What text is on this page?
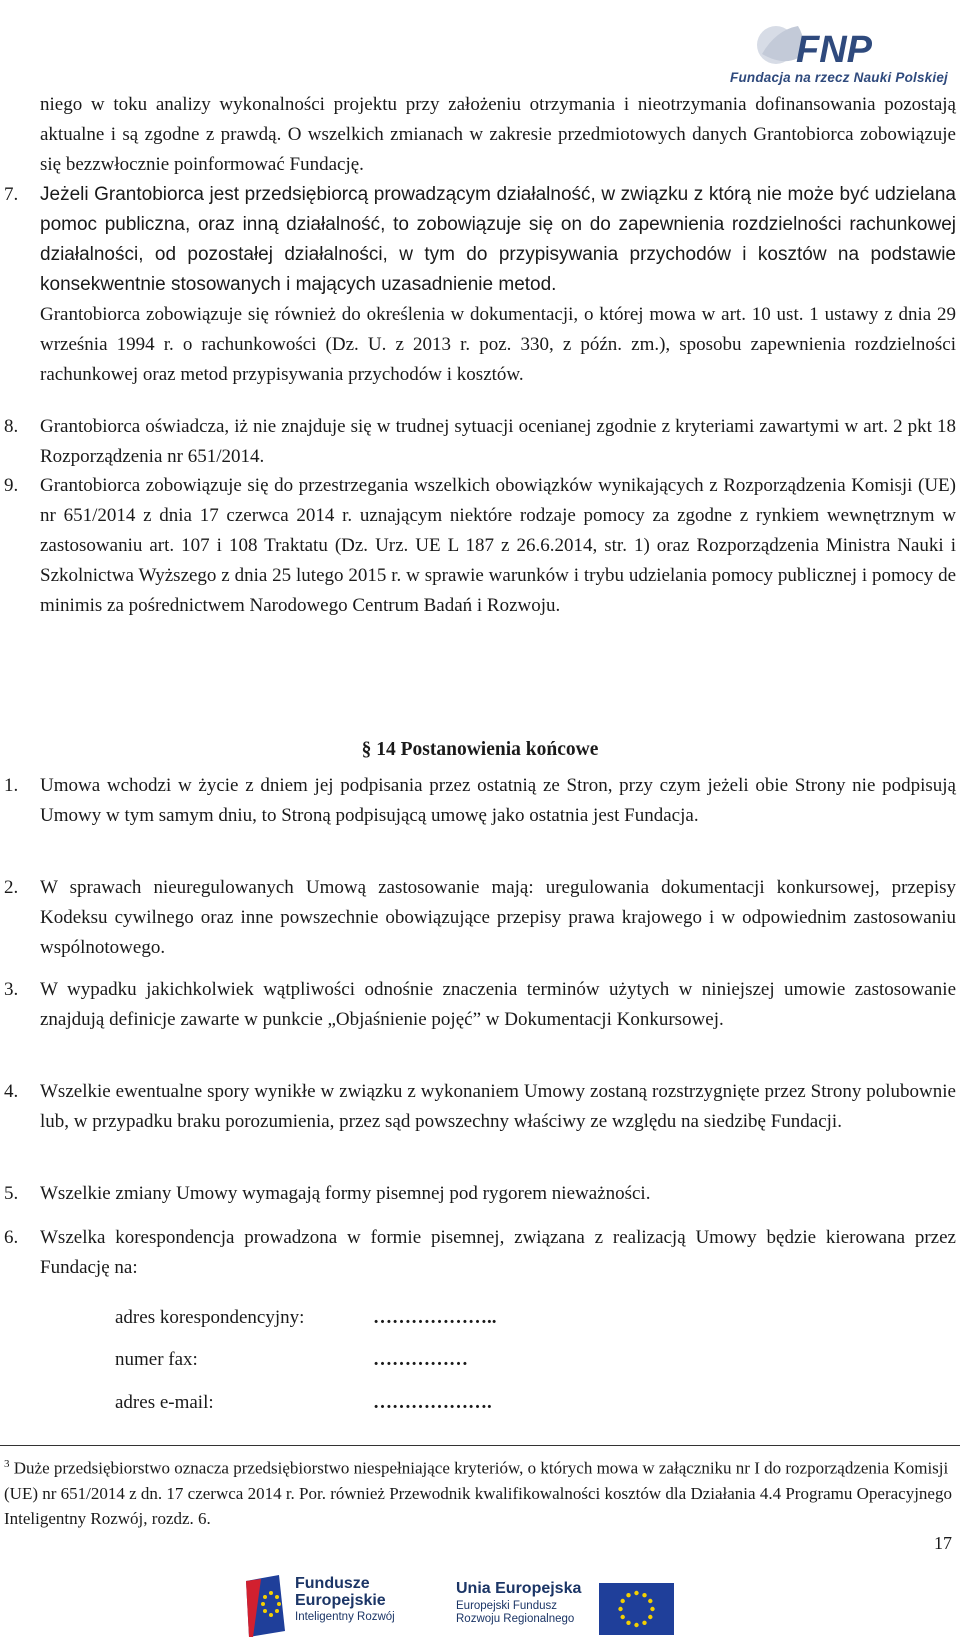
FNP
Fundacja na rzecz Nauki Polskiej

niego w toku analizy wykonalności projektu przy założeniu otrzymania i nieotrzymania dofinansowania pozostają aktualne i są zgodne z prawdą. O wszelkich zmianach w zakresie przedmiotowych danych Grantobiorca zobowiązuje się bezzwłocznie poinformować Fundację.

7. Jeżeli Grantobiorca jest przedsiębiorcą prowadzącym działalność, w związku z którą nie może być udzielana pomoc publiczna, oraz inną działalność, to zobowiązuje się on do zapewnienia rozdzielności rachunkowej działalności, od pozostałej działalności, w tym do przypisywania przychodów i kosztów na podstawie konsekwentnie stosowanych i mających uzasadnienie metod.

Grantobiorca zobowiązuje się również do określenia w dokumentacji, o której mowa w art. 10 ust. 1 ustawy z dnia 29 września 1994 r. o rachunkowości (Dz. U. z 2013 r. poz. 330, z późn. zm.), sposobu zapewnienia rozdzielności rachunkowej oraz metod przypisywania przychodów i kosztów.

8. Grantobiorca oświadcza, iż nie znajduje się w trudnej sytuacji ocenianej zgodnie z kryteriami zawartymi w art. 2 pkt 18 Rozporządzenia nr 651/2014.

9. Grantobiorca zobowiązuje się do przestrzegania wszelkich obowiązków wynikających z Rozporządzenia Komisji (UE) nr 651/2014 z dnia 17 czerwca 2014 r. uznającym niektóre rodzaje pomocy za zgodne z rynkiem wewnętrznym w zastosowaniu art. 107 i 108 Traktatu (Dz. Urz. UE L 187 z 26.6.2014, str. 1) oraz Rozporządzenia Ministra Nauki i Szkolnictwa Wyższego z dnia 25 lutego 2015 r. w sprawie warunków i trybu udzielania pomocy publicznej i pomocy de minimis za pośrednictwem Narodowego Centrum Badań i Rozwoju.

§ 14 Postanowienia końcowe
1. Umowa wchodzi w życie z dniem jej podpisania przez ostatnią ze Stron, przy czym jeżeli obie Strony nie podpisują Umowy w tym samym dniu, to Stroną podpisującą umowę jako ostatnia jest Fundacja.

2. W sprawach nieuregulowanych Umową zastosowanie mają: uregulowania dokumentacji konkursowej, przepisy Kodeksu cywilnego oraz inne powszechnie obowiązujące przepisy prawa krajowego i w odpowiednim zastosowaniu wspólnotowego.

3. W wypadku jakichkolwiek wątpliwości odnośnie znaczenia terminów użytych w niniejszej umowie zastosowanie znajdują definicje zawarte w punkcie „Objaśnienie pojęć” w Dokumentacji Konkursowej.

4. Wszelkie ewentualne spory wynikłe w związku z wykonaniem Umowy zostaną rozstrzygnięte przez Strony polubownie lub, w przypadku braku porozumienia, przez sąd powszechny właściwy ze względu na siedzibę Fundacji.

5. Wszelkie zmiany Umowy wymagają formy pisemnej pod rygorem nieważności.

6. Wszelka korespondencja prowadzona w formie pisemnej, związana z realizacją Umowy będzie kierowana przez Fundację na:

adres korespondencyjny:	………………..
numer fax:	……………
adres e-mail:	……………….
$^3$ Duże przedsiębiorstwo oznacza przedsiębiorstwo niespełniające kryteriów, o których mowa w załączniku nr I do rozporządzenia Komisji (UE) nr 651/2014 z dn. 17 czerwca 2014 r. Por. również Przewodnik kwalifikowalności kosztów dla Działania 4.4 Programu Operacyjnego Inteligentny Rozwój, rozdz. 6.
17
Fundusze
Europejskie
Inteligentny Rozwój
Unia Europejska
Europejski Fundusz
Rozwoju Regionalnego
